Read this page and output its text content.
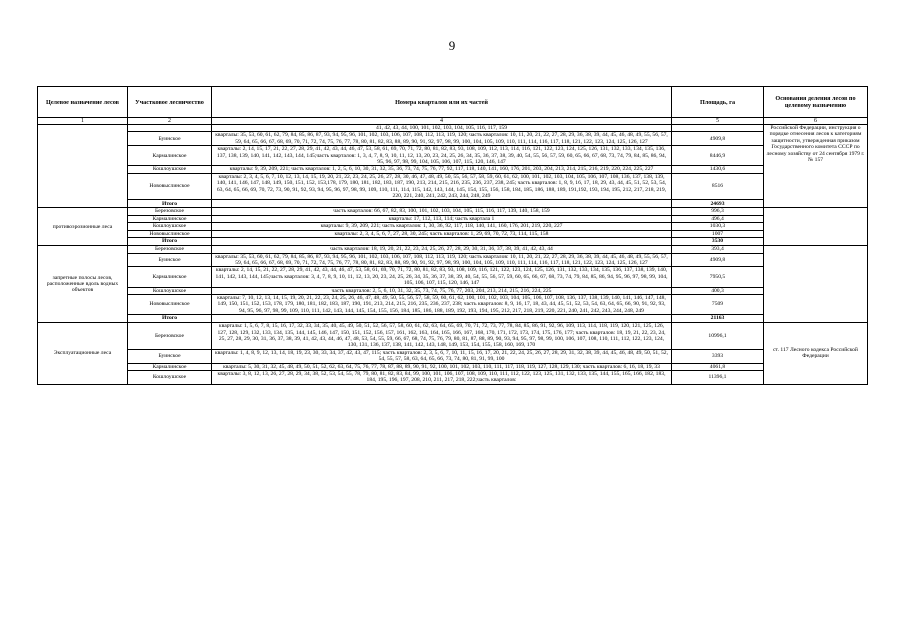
9
Целевое назначение лесов	Участковое лесничество	Номера кварталов или их частей	Площадь, га	Основания деления лесов по целевому назначению
1	2	4	5	6
		41, 42, 43, 44, 100, 101, 102, 103, 104, 105, 116, 117, 159		Российской Федерации, инструкция о порядке отнесения лесов к категориям защитности, утвержденная приказом Государственного комитета СССР по лесному хозяйству от 24 сентября 1979 г. № 157
	Буинское	кварталы: 35, 53, 60, 61, 62, 79, 84, 85, 86, 87, 93, 94, 95, 96, 101, 102, 103, 106, 107, 108, 112, 113, 119, 120; часть кварталов: 10, 11, 20, 21, 22, 27, 28, 29, 36, 38, 39, 44, 45, 46, 48, 49, 55, 56, 57, 59, 64, 65, 66, 67, 68, 69, 70, 71, 72, 74, 75, 76, 77, 78, 80, 81, 82, 83, 88, 89, 90, 91, 92, 97, 98, 99, 100, 104, 105, 109, 110, 111, 114, 116, 117, 118, 121, 122, 123, 124, 125, 126, 127	4909,8	
	Кармалинское	кварталы: 2, 14, 15, 17, 21, 22, 27, 28, 29, 41, 42, 43, 44, 46, 47, 53, 58, 61, 69, 70, 71, 72, 80, 81, 82, 83, 93, 108, 109, 112, 113, 114, 116, 121, 122, 123, 124, 125, 126, 131, 132, 133, 134, 135, 136, 137, 138, 139, 140, 141, 142, 143, 144, 145;часть кварталов: 1, 3, 4, 7, 8, 9, 10, 11, 12, 13, 20, 23, 24, 25, 26, 34, 35, 36, 37, 38, 39, 40, 54, 55, 56, 57, 59, 60, 65, 66, 67, 68, 73, 74, 79, 84, 85, 86, 94, 95, 96, 97, 98, 99, 104, 105, 106, 107, 115, 120, 146, 147	8446,9	
	Кошлоушское	кварталы: 9, 39, 209, 221; часть кварталов: 1, 2, 5, 6, 10, 30, 31, 32, 35, 36, 73, 74, 75, 76, 77, 92, 117, 118, 140, 141, 160, 176, 201, 203, 204, 213, 214, 215, 216, 219, 220, 224, 225, 227	1430,6	
	Нововыслинское	кварталы: 2, 3, 4, 5, 6, 7, 10, 12, 13, 14, 15, 19, 20, 21, 22, 23, 24, 25, 26, 27, 28, 30, 46, 47, 48, 49, 50, 55, 56, 57, 58, 59, 60, 61, 62, 100, 101, 102, 103, 104, 105, 106, 107, 108, 136, 137, 138, 139, 140, 141, 146, 147, 148, 149, 150, 151, 152, 153,178, 179, 180, 181, 182, 183, 187, 190, 213, 214, 215, 216, 235, 236, 237, 238, 245; часть кварталов: 1, 8, 9, 16, 17, 18, 29, 43, 44, 45, 51, 52, 53, 54, 63, 64, 65, 66, 69, 70, 72, 73, 90, 91, 92, 93, 94, 95, 96, 97, 98, 99, 109, 110, 111, 114, 115, 142, 143, 144, 145, 154, 155, 156, 158, 184, 185, 186, 188, 189, 191,192, 193, 194, 195, 212, 217, 218, 219, 220, 221, 240, 241, 242, 243, 244, 248, 249	8516	
	Итого		24693	
противоэрозионные леса	Березовское	часть кварталов: 66, 67, 82, 83, 100, 101, 102, 103, 104, 105, 115, 116, 117, 139, 140, 158, 159	996,3	
	Кармалинское	кварталы: 17, 112, 113, 114; часть квартала 1	496,4	
	Кошлоушское	кварталы: 9, 39, 209, 221; часть кварталов: 1, 30, 36, 92, 117, 118, 140, 141, 160, 176, 201, 219, 220, 227	1030,3	
	Нововыслинское	кварталы: 2, 3, 4, 5, 6, 7, 27, 28, 30, 245; часть кварталов: 1, 29, 69, 70, 72, 73, 114, 115, 158	1007	
	Итого		3530	
запретные полосы лесов, расположенные вдоль водных объектов	Березовское	часть кварталов: 18, 19, 20, 21, 22, 23, 24, 25, 26, 27, 28, 29, 30, 31, 36, 37, 38, 39, 41, 42, 43, 44	393,4	
	Буинское	кварталы: 35, 53, 60, 61, 62, 79, 84, 85, 86, 87, 93, 94, 95, 96, 101, 102, 103, 106, 107, 108, 112, 113, 119, 120; часть кварталов: 10, 11, 20, 21, 22, 27, 28, 29, 36, 38, 39, 44, 45, 46, 48, 49, 55, 56, 57, 59, 64, 65, 66, 67, 68, 69, 70, 71, 72, 74, 75, 76, 77, 78, 80, 81, 82, 83, 88, 89, 90, 91, 92, 97, 98, 99, 100, 104, 105, 109, 110, 111, 114, 116, 117, 118, 121, 122, 123, 124, 125, 126, 127	4909,8	
	Кармалинское	кварталы: 2, 14, 15, 21, 22, 27, 28, 29, 41, 42, 43, 44, 46, 47, 53, 58, 61, 69, 70, 71, 72, 80, 81, 82, 83, 93, 108, 109, 116, 121, 122, 123, 124, 125, 126, 131, 132, 133, 134, 135, 136, 137, 138, 139, 140, 141, 142, 143, 144, 145;часть кварталов: 3, 4, 7, 8, 9, 10, 11, 12, 13, 20, 23, 24, 25, 26, 34, 35, 36, 37, 38, 39, 40, 54, 55, 56, 57, 59, 60, 65, 66, 67, 68, 73, 74, 79, 84, 85, 86, 94, 95, 96, 97, 98, 99, 104, 105, 106, 107, 115, 120, 146, 147	7950,5	
	Кошлоушское	часть кварталов: 2, 5, 6, 10, 31, 32, 35, 73, 74, 75, 76, 77, 203, 204, 213, 214, 215, 216, 224, 225	400,3	
	Нововыслинское	кварталы: 7, 10, 12, 13, 14, 15, 19, 20, 21, 22, 23, 24, 25, 26, 46, 47, 48, 49, 50, 55, 56, 57, 58, 59, 60, 61, 62, 100, 101, 102, 103, 104, 105, 106, 107, 108, 136, 137, 138, 139, 140, 141, 146, 147, 148, 149, 150, 151, 152, 153, 178, 179, 180, 181, 182, 183, 187, 190, 191, 213, 214, 215, 216, 235, 236, 237, 238; часть кварталов: 8, 9, 16, 17, 18, 43, 44, 45, 51, 52, 53, 54, 63, 64, 65, 66, 90, 91, 92, 93, 94, 95, 96, 97, 98, 99, 109, 110, 111, 142, 143, 144, 145, 154, 155, 156, 184, 185, 186, 188, 189, 192, 193, 194, 195, 212, 217, 218, 219, 220, 221, 240, 241, 242, 243, 244, 248, 249	7509	
	Итого		21163	
Эксплуатационные леса	Березовское	кварталы: 1, 5, 6, 7, 8, 15, 16, 17, 32, 33, 34, 35, 40, 45, 49, 50, 51, 52, 56, 57, 58, 60, 61, 62, 63, 64, 65, 69, 70, 71, 72, 73, 77, 78, 84, 85, 86, 91, 92, 96, 109, 113, 114, 118, 119, 120, 121, 125, 126, 127, 128, 129, 132, 133, 134, 135, 144, 145, 146, 147, 150, 151, 152, 156, 157, 161, 162, 163, 164, 165, 166, 167, 168, 170, 171, 172, 173, 174, 175, 176, 177; часть кварталов: 18, 19, 21, 22, 23, 24, 25, 27, 28, 29, 30, 31, 36, 37, 38, 39, 41, 42, 43, 44, 46, 47, 48, 53, 54, 55, 59, 66, 67, 68, 74, 75, 76, 79, 80, 81, 87, 88, 89, 90, 93, 94, 95, 97, 98, 99, 100, 106, 107, 108, 110, 111, 112, 122, 123, 124, 130, 131, 136, 137, 138, 141, 142, 143, 148, 149, 153, 154, 155, 158, 160, 169, 170	10996,1	ст. 117 Лесного кодекса Российской Федерации
	Буинское	кварталы: 1, 4, 8, 9, 12, 13, 14, 18, 19, 23, 30, 33, 34, 37, 42, 43, 47, 115; часть кварталов: 2, 3, 5, 6, 7, 10, 11, 15, 16, 17, 20, 21, 22, 24, 25, 26, 27, 28, 29, 31, 32, 38, 39, 44, 45, 46, 48, 49, 50, 51, 52, 54, 55, 57, 58, 63, 64, 65, 66, 73, 74, 80, 81, 91, 99, 100	3393	
	Кармалинское	кварталы: 5, 30, 31, 32, 45, 48, 49, 50, 51, 52, 62, 63, 64, 75, 76, 77, 78, 87, 88, 89, 90, 91, 92, 100, 101, 102, 103, 110, 111, 117, 118, 119, 127, 128, 129, 130; часть кварталов: 6, 16, 18, 19, 33	4061,8	
	Кошлоушское	кварталы: 3, 8, 12, 13, 26, 27, 28, 29, 34, 38, 52, 53, 54, 55, 78, 79, 80, 81, 82, 83, 84, 99, 100, 101, 106, 107, 108, 109, 110, 111, 112, 122, 123, 125, 131, 132, 133, 135, 144, 155, 165, 166, 182, 183, 184, 195, 196, 197, 208, 210, 211, 217, 218, 222;часть кварталов:	11396,1	
